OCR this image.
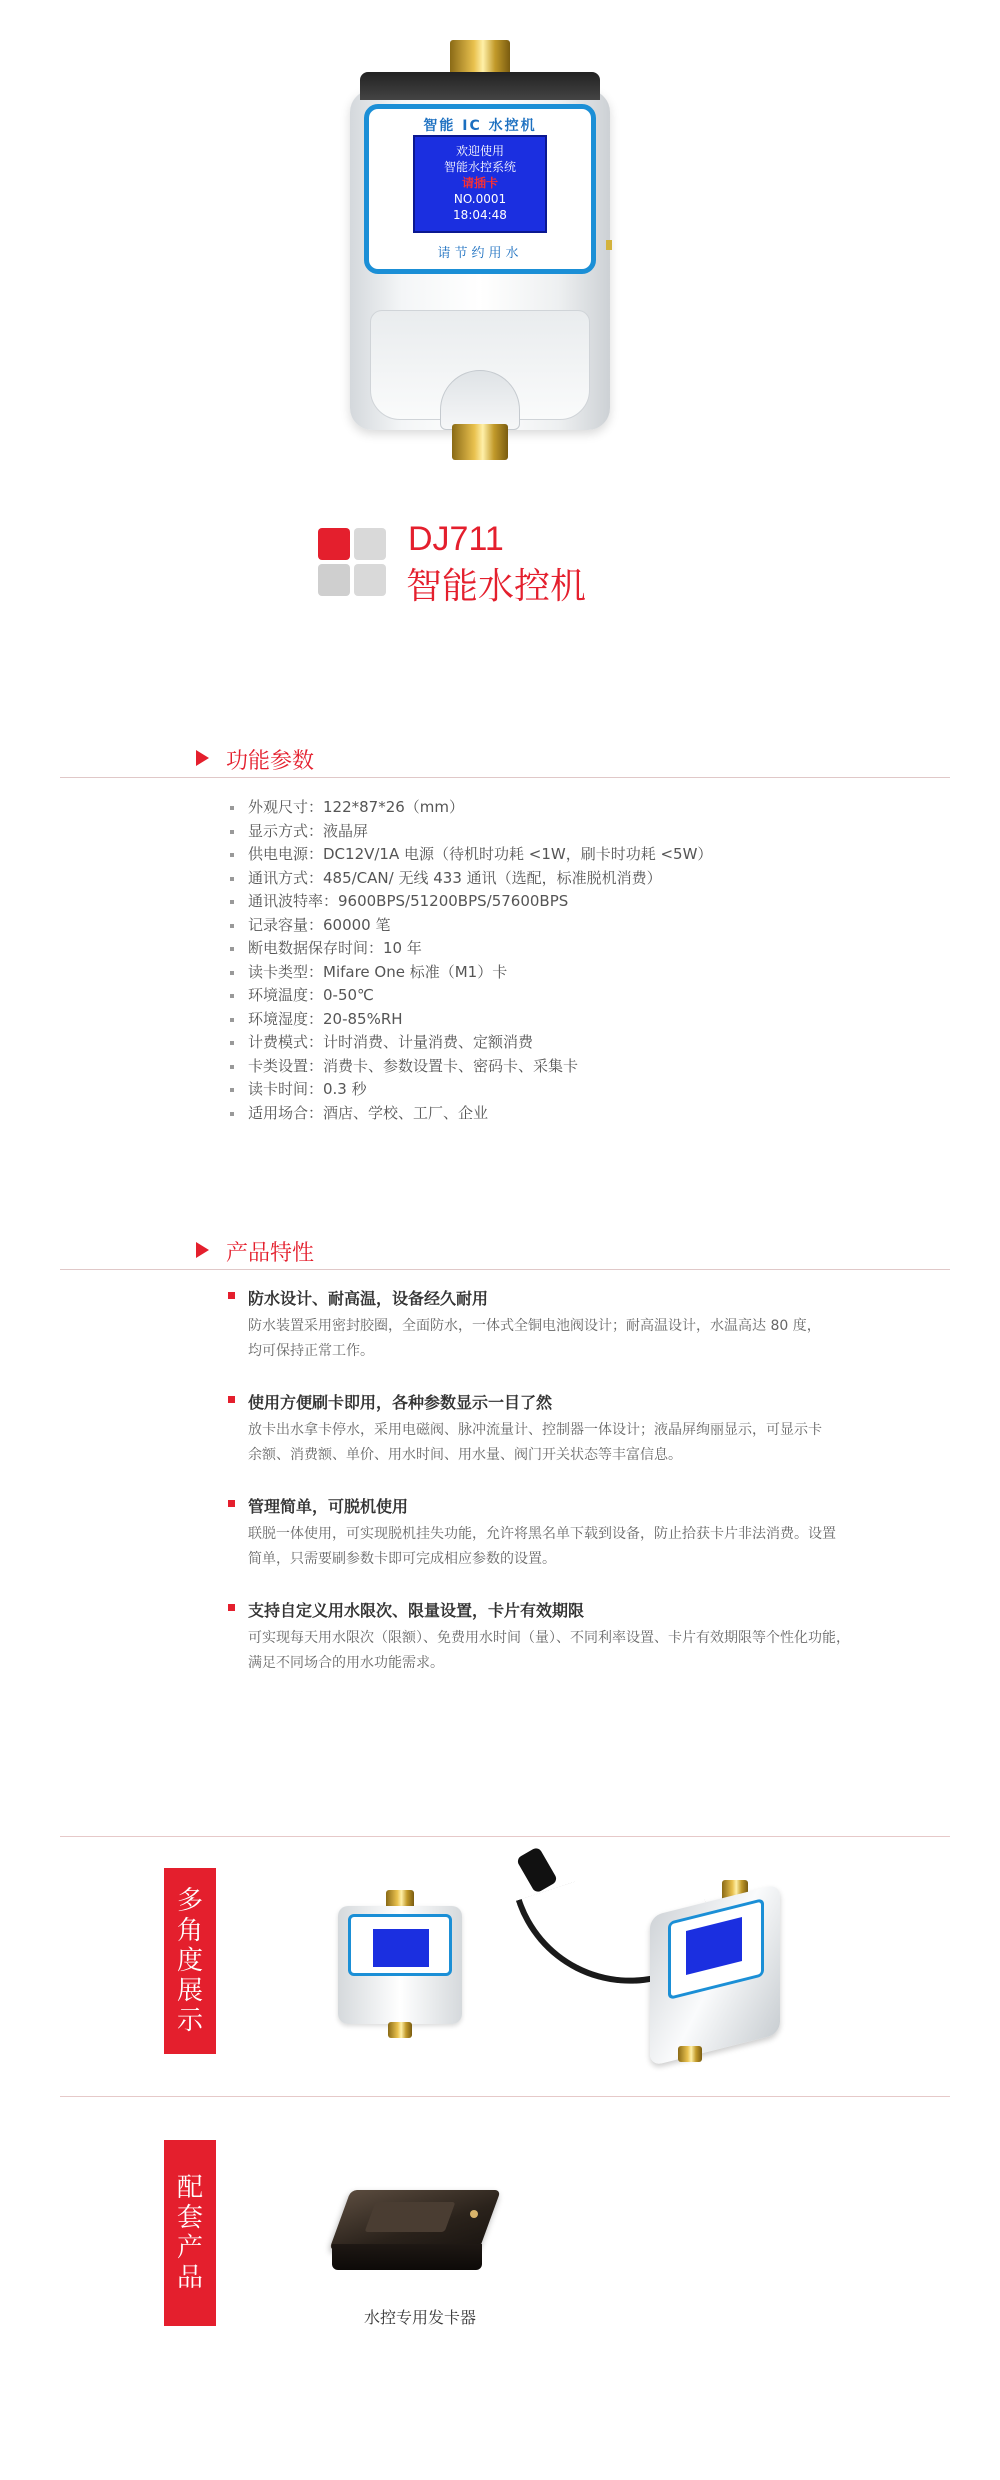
智能 IC 水控机
欢迎使用
智能水控系统
请插卡
NO.0001
18:04:48
请节约用水
DJ711
智能水控机
功能参数
外观尺寸：122*87*26（mm）
显示方式：液晶屏
供电电源：DC12V/1A 电源（待机时功耗 <1W，刷卡时功耗 <5W）
通讯方式：485/CAN/ 无线 433 通讯（选配，标准脱机消费）
通讯波特率：9600BPS/51200BPS/57600BPS
记录容量：60000 笔
断电数据保存时间：10 年
读卡类型：Mifare One 标准（M1）卡
环境温度：0-50℃
环境湿度：20-85%RH
计费模式：计时消费、计量消费、定额消费
卡类设置：消费卡、参数设置卡、密码卡、采集卡
读卡时间：0.3 秒
适用场合：酒店、学校、工厂、企业
产品特性
防水设计、耐高温，设备经久耐用
防水装置采用密封胶圈，全面防水，一体式全铜电池阀设计；耐高温设计，水温高达 80 度，
均可保持正常工作。
使用方便刷卡即用，各种参数显示一目了然
放卡出水拿卡停水，采用电磁阀、脉冲流量计、控制器一体设计；液晶屏绚丽显示，可显示卡
余额、消费额、单价、用水时间、用水量、阀门开关状态等丰富信息。
管理简单，可脱机使用
联脱一体使用，可实现脱机挂失功能，允许将黑名单下载到设备，防止拾获卡片非法消费。设置
简单，只需要刷参数卡即可完成相应参数的设置。
支持自定义用水限次、限量设置，卡片有效期限
可实现每天用水限次（限额）、免费用水时间（量）、不同利率设置、卡片有效期限等个性化功能，
满足不同场合的用水功能需求。
多
角
度
展
示
配
套
产
品
水控专用发卡器
